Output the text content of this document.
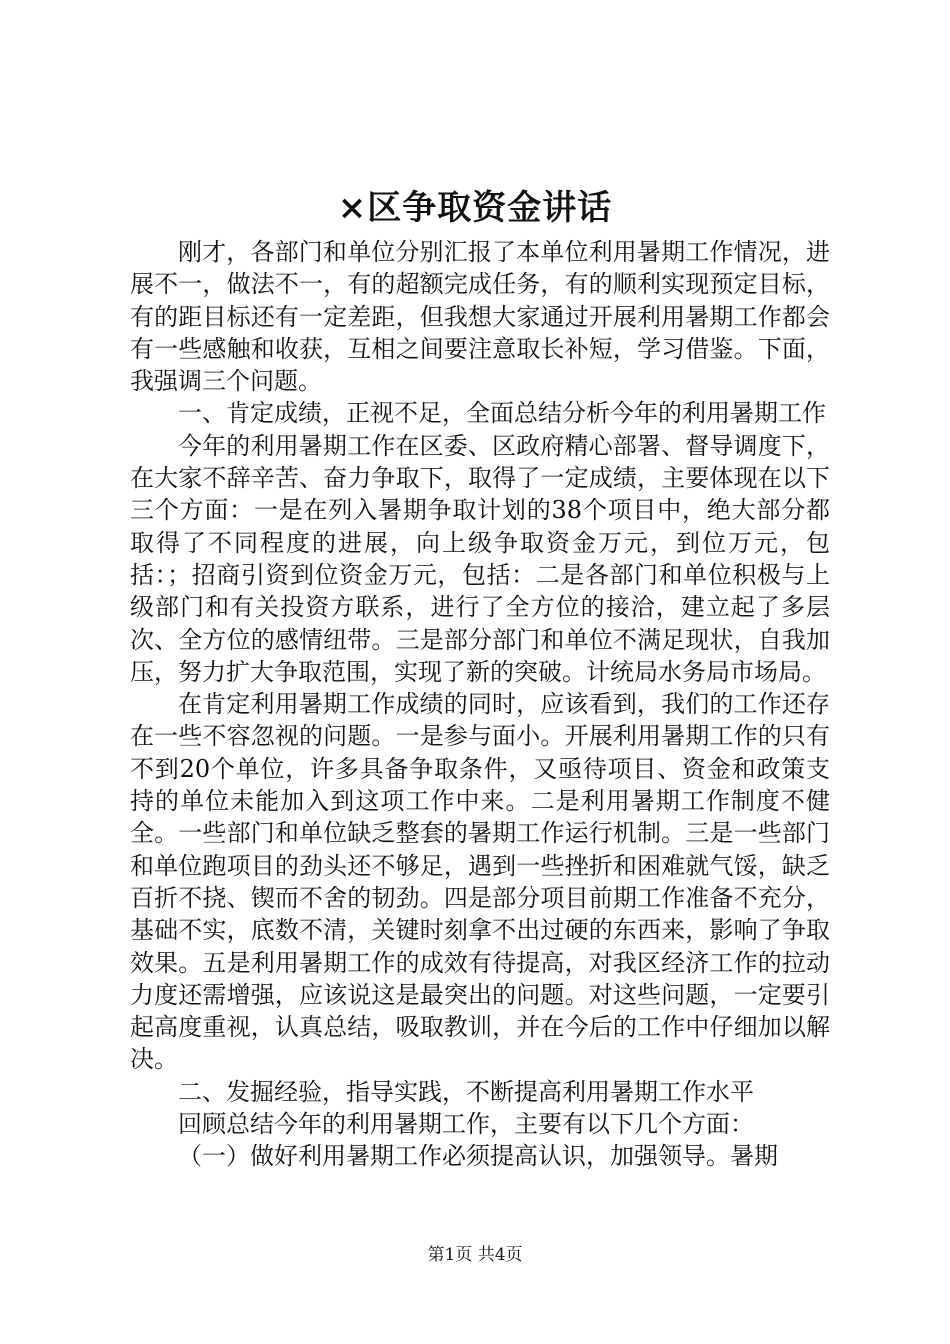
×区争取资金讲话

刚才，各部门和单位分别汇报了本单位利用暑期工作情况，进展不一，做法不一，有的超额完成任务，有的顺利实现预定目标，有的距目标还有一定差距，但我想大家通过开展利用暑期工作都会有一些感触和收获，互相之间要注意取长补短，学习借鉴。下面，我强调三个问题。

一、肯定成绩，正视不足，全面总结分析今年的利用暑期工作

今年的利用暑期工作在区委、区政府精心部署、督导调度下，在大家不辞辛苦、奋力争取下，取得了一定成绩，主要体现在以下三个方面：一是在列入暑期争取计划的38个项目中，绝大部分都取得了不同程度的进展，向上级争取资金万元，到位万元，包括：；招商引资到位资金万元，包括：二是各部门和单位积极与上级部门和有关投资方联系，进行了全方位的接洽，建立起了多层次、全方位的感情纽带。三是部分部门和单位不满足现状，自我加压，努力扩大争取范围，实现了新的突破。计统局水务局市场局。

在肯定利用暑期工作成绩的同时，应该看到，我们的工作还存在一些不容忽视的问题。一是参与面小。开展利用暑期工作的只有不到20个单位，许多具备争取条件，又亟待项目、资金和政策支持的单位未能加入到这项工作中来。二是利用暑期工作制度不健全。一些部门和单位缺乏整套的暑期工作运行机制。三是一些部门和单位跑项目的劲头还不够足，遇到一些挫折和困难就气馁，缺乏百折不挠、锲而不舍的韧劲。四是部分项目前期工作准备不充分，基础不实，底数不清，关键时刻拿不出过硬的东西来，影响了争取效果。五是利用暑期工作的成效有待提高，对我区经济工作的拉动力度还需增强，应该说这是最突出的问题。对这些问题，一定要引起高度重视，认真总结，吸取教训，并在今后的工作中仔细加以解决。

二、发掘经验，指导实践，不断提高利用暑期工作水平

回顾总结今年的利用暑期工作，主要有以下几个方面：

（一）做好利用暑期工作必须提高认识，加强领导。暑期

第1页 共4页
